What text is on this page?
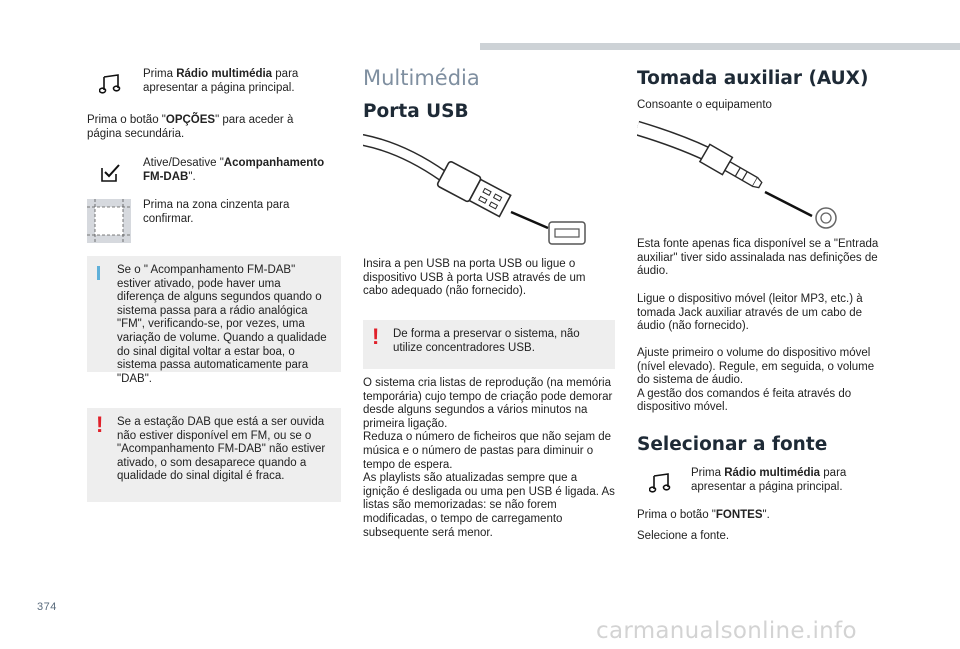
Prima Rádio multimédia para apresentar a página principal.

Prima o botão "OPÇÕES" para aceder à página secundária.

Ative/Desative "Acompanhamento FM-DAB".

Prima na zona cinzenta para confirmar.

Se o " Acompanhamento FM-DAB" estiver ativado, pode haver uma diferença de alguns segundos quando o sistema passa para a rádio analógica "FM", verificando-se, por vezes, uma variação de volume. Quando a qualidade do sinal digital voltar a estar boa, o sistema passa automaticamente para "DAB".

!	Se a estação DAB que está a ser ouvida não estiver disponível em FM, ou se o "Acompanhamento FM-DAB" não estiver ativado, o som desaparece quando a qualidade do sinal digital é fraca.

Multimédia
Porta USB

Insira a pen USB na porta USB ou ligue o dispositivo USB à porta USB através de um cabo adequado (não fornecido).

!	De forma a preservar o sistema, não utilize concentradores USB.

O sistema cria listas de reprodução (na memória temporária) cujo tempo de criação pode demorar desde alguns segundos a vários minutos na primeira ligação.
Reduza o número de ficheiros que não sejam de música e o número de pastas para diminuir o tempo de espera.
As playlists são atualizadas sempre que a ignição é desligada ou uma pen USB é ligada. As listas são memorizadas: se não forem modificadas, o tempo de carregamento subsequente será menor.

Tomada auxiliar (AUX)

Consoante o equipamento

Esta fonte apenas fica disponível se a "Entrada auxiliar" tiver sido assinalada nas definições de áudio.

Ligue o dispositivo móvel (leitor MP3, etc.) à tomada Jack auxiliar através de um cabo de áudio (não fornecido).

Ajuste primeiro o volume do dispositivo móvel (nível elevado). Regule, em seguida, o volume do sistema de áudio.
A gestão dos comandos é feita através do dispositivo móvel.

Selecionar a fonte

Prima Rádio multimédia para apresentar a página principal.

Prima o botão "FONTES".

Selecione a fonte.

374
carmanualsonline.info
